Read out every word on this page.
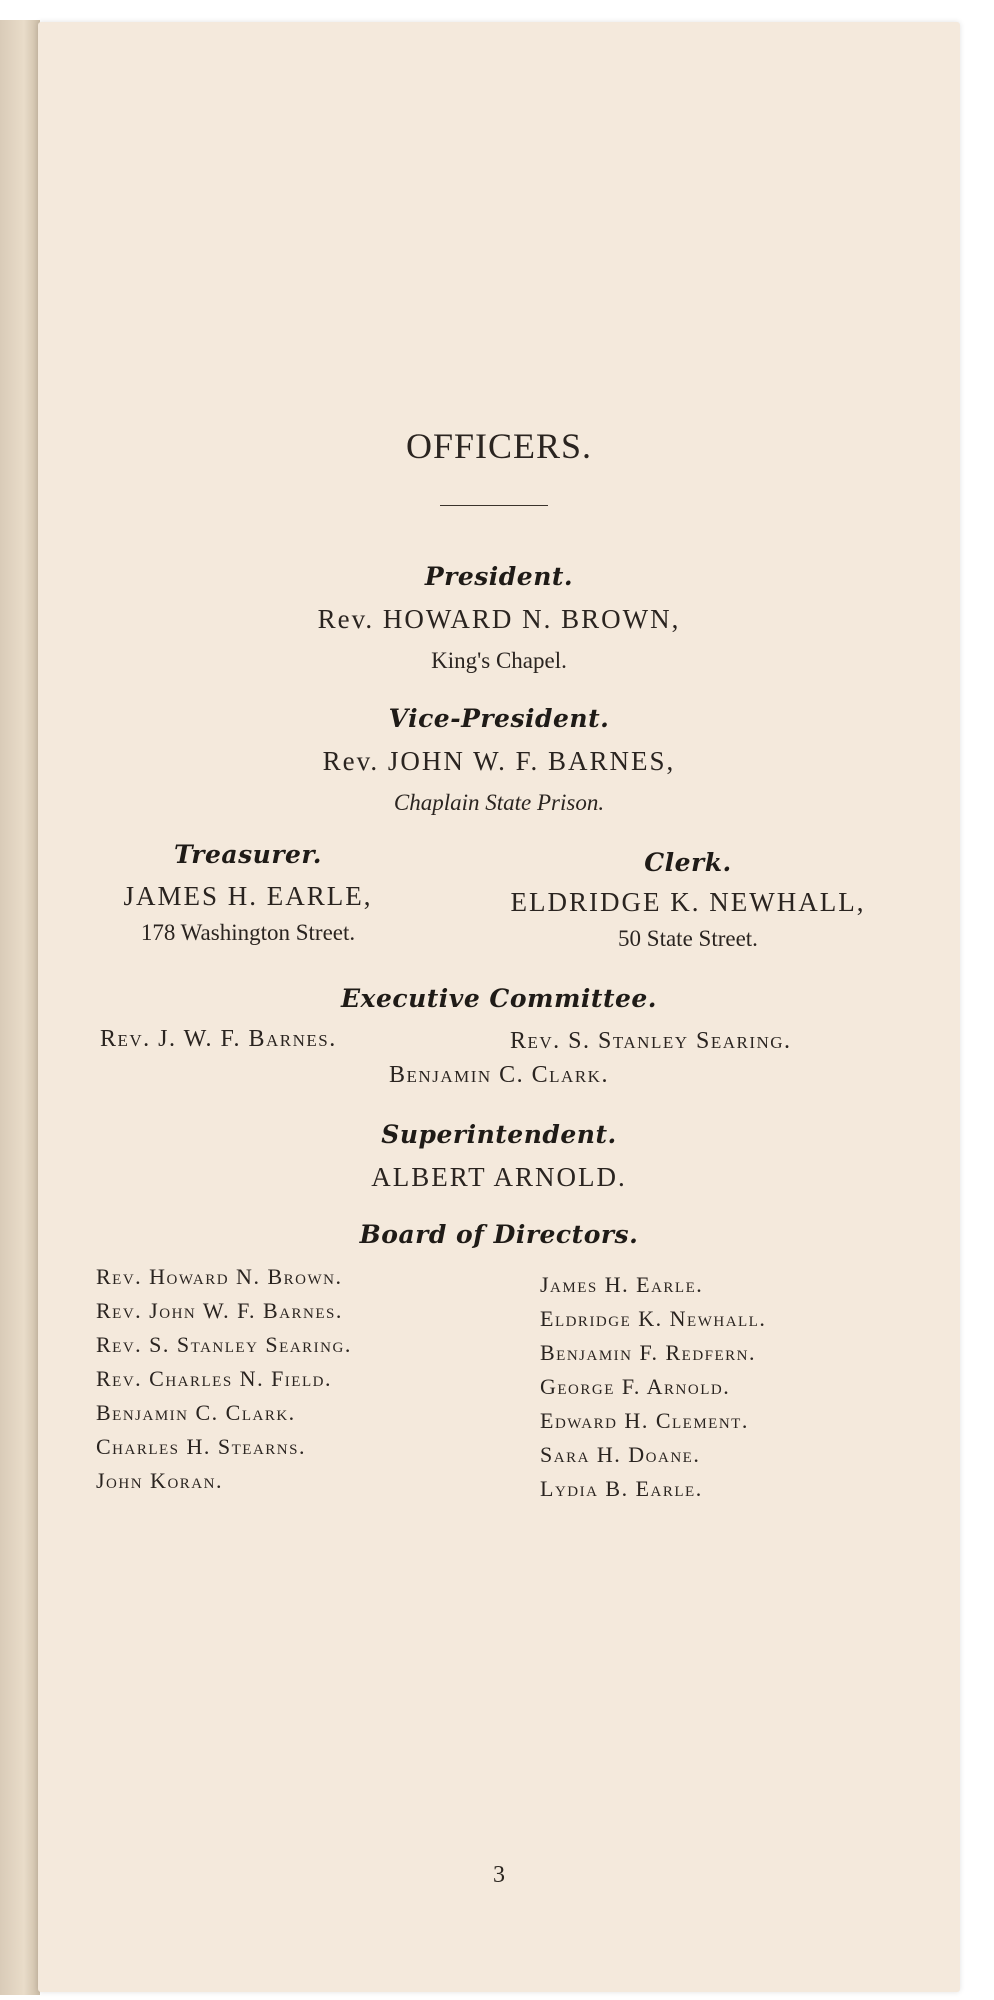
OFFICERS.
President.
Rev. HOWARD N. BROWN,
King's Chapel.
Vice-President.
Rev. JOHN W. F. BARNES,
Chaplain State Prison.
Treasurer.
JAMES H. EARLE,
178 Washington Street.
Clerk.
ELDRIDGE K. NEWHALL,
50 State Street.
Executive Committee.
Rev. J. W. F. Barnes.	Rev. S. Stanley Searing.
Benjamin C. Clark.
Superintendent.
ALBERT ARNOLD.
Board of Directors.
Rev. Howard N. Brown.
Rev. John W. F. Barnes.
Rev. S. Stanley Searing.
Rev. Charles N. Field.
Benjamin C. Clark.
Charles H. Stearns.
John Koran.
James H. Earle.
Eldridge K. Newhall.
Benjamin F. Redfern.
George F. Arnold.
Edward H. Clement.
Sara H. Doane.
Lydia B. Earle.
3
